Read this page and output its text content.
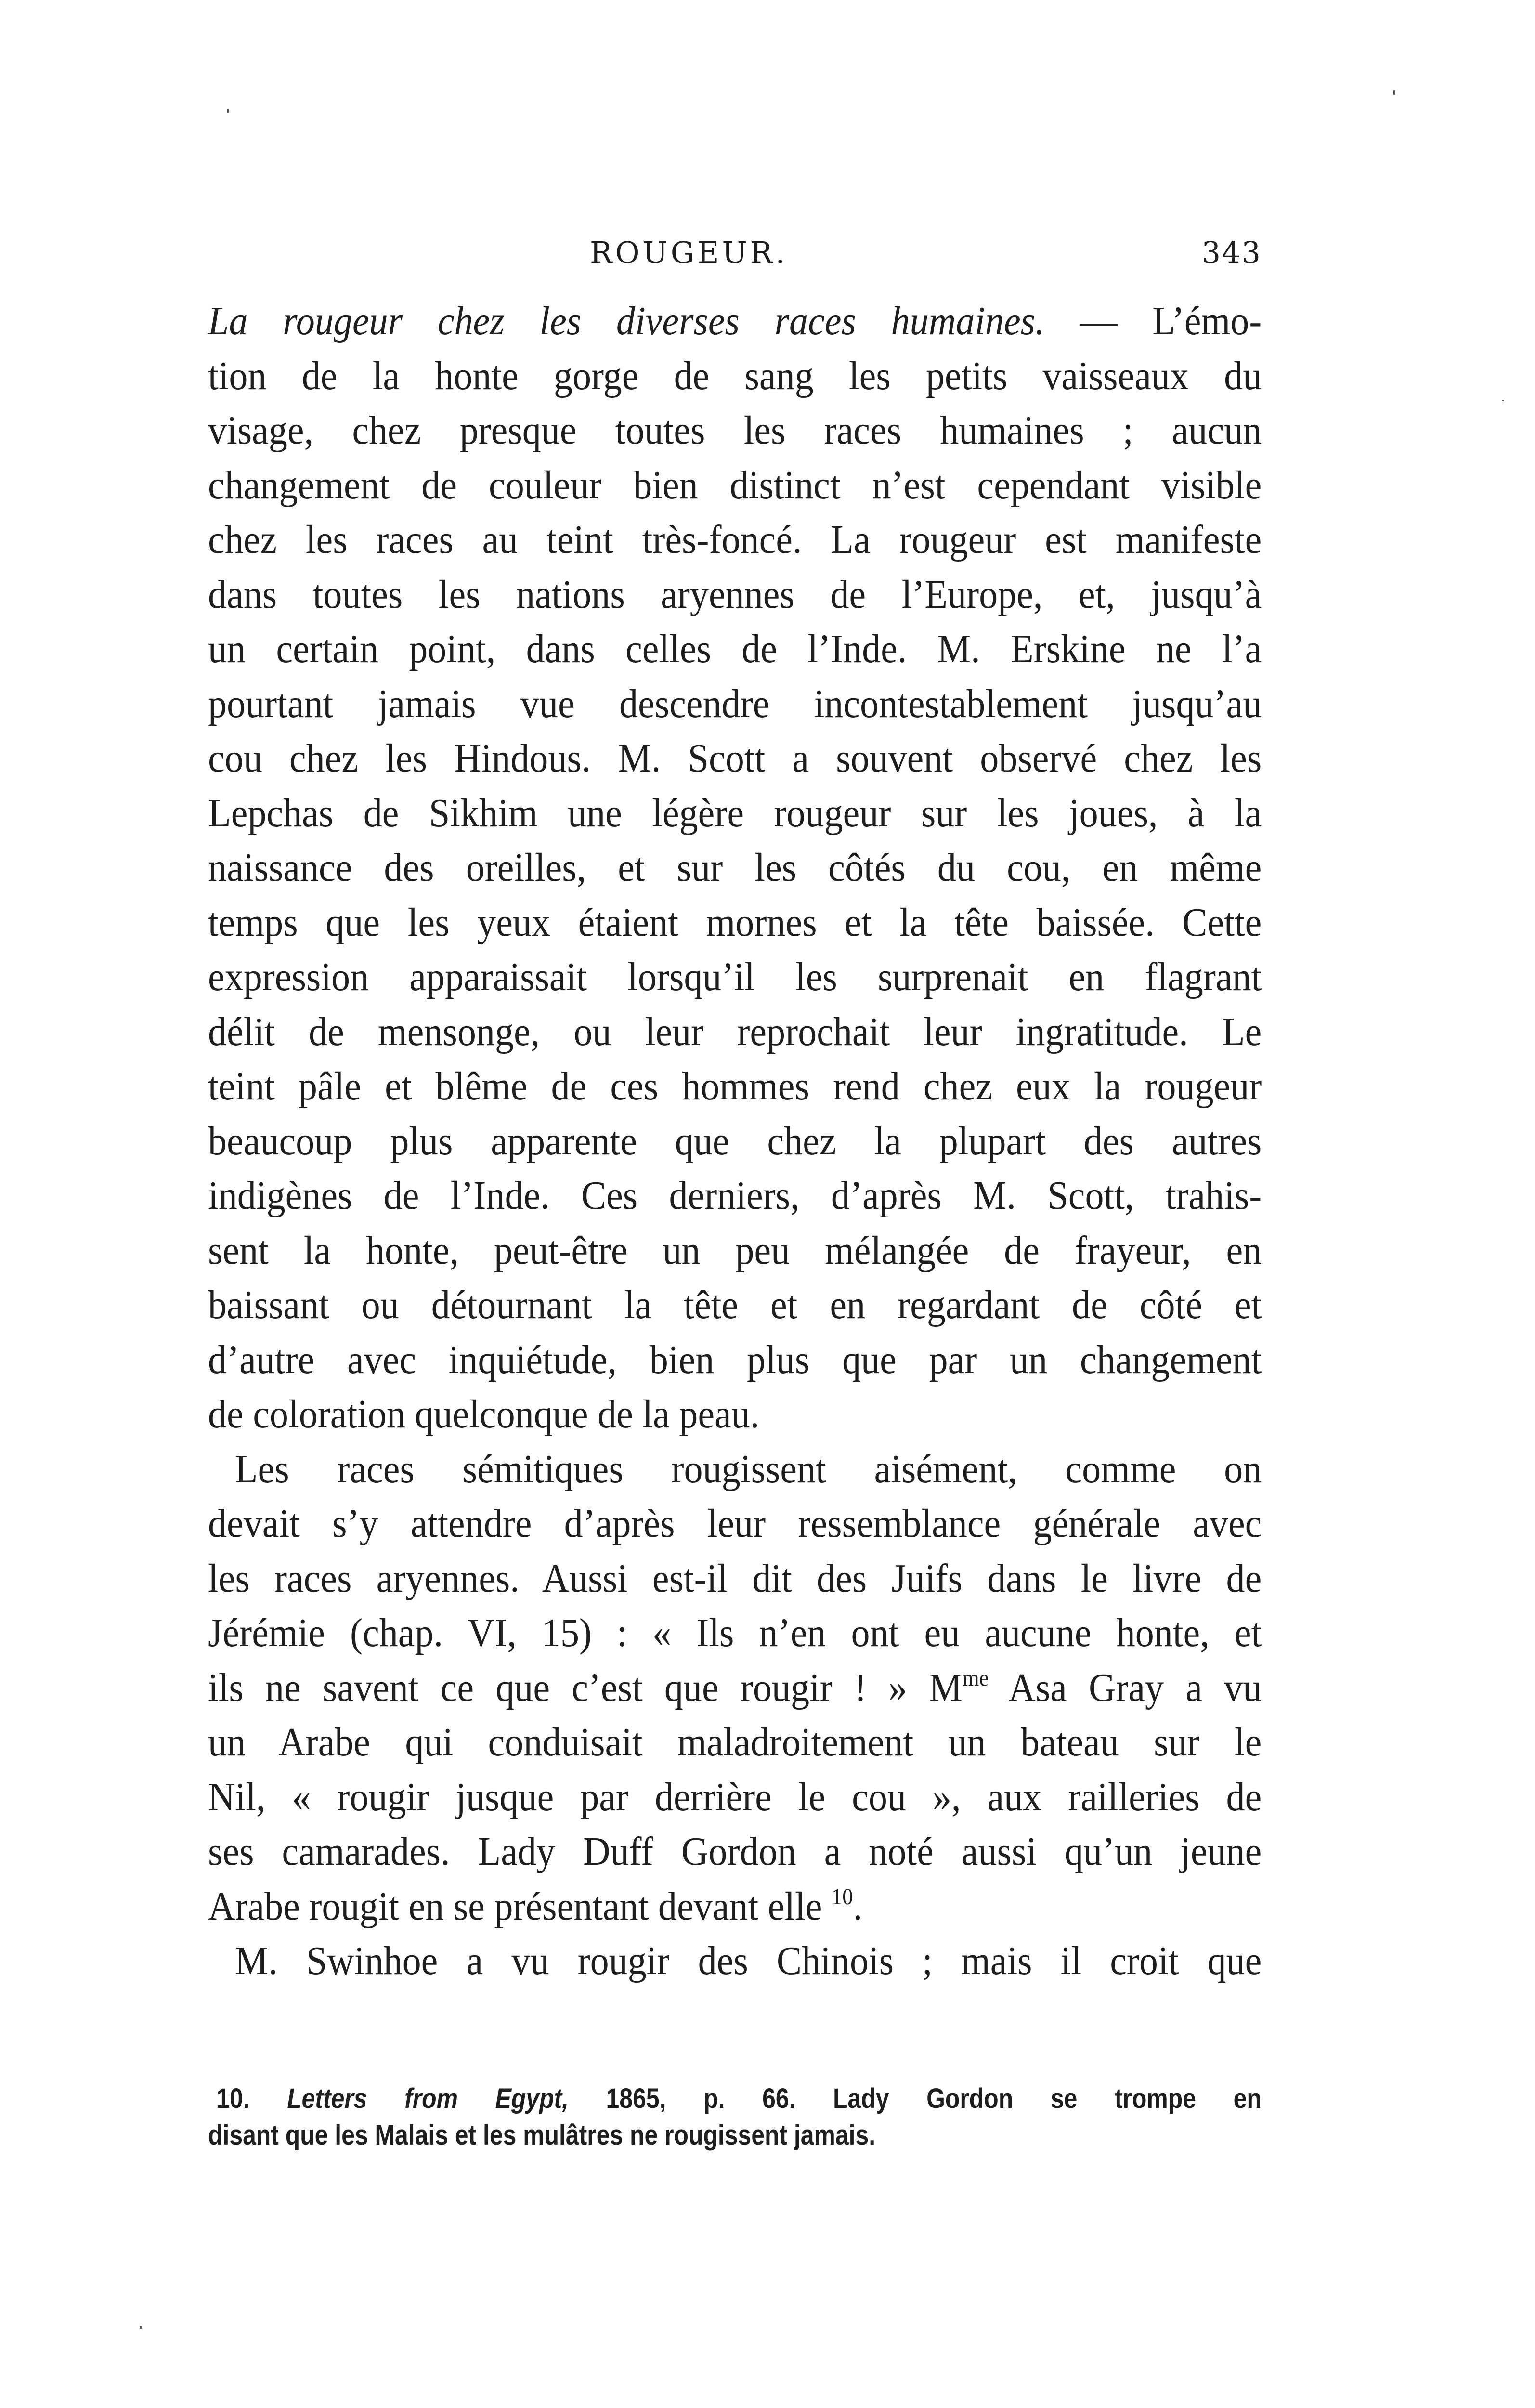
ROUGEUR.	343
La rougeur chez les diverses races humaines. — L’émo-
tion de la honte gorge de sang les petits vaisseaux du
visage, chez presque toutes les races humaines ; aucun
changement de couleur bien distinct n’est cependant visible
chez les races au teint très-foncé. La rougeur est manifeste
dans toutes les nations aryennes de l’Europe, et, jusqu’à
un certain point, dans celles de l’Inde. M. Erskine ne l’a
pourtant jamais vue descendre incontestablement jusqu’au
cou chez les Hindous. M. Scott a souvent observé chez les
Lepchas de Sikhim une légère rougeur sur les joues, à la
naissance des oreilles, et sur les côtés du cou, en même
temps que les yeux étaient mornes et la tête baissée. Cette
expression apparaissait lorsqu’il les surprenait en flagrant
délit de mensonge, ou leur reprochait leur ingratitude. Le
teint pâle et blême de ces hommes rend chez eux la rougeur
beaucoup plus apparente que chez la plupart des autres
indigènes de l’Inde. Ces derniers, d’après M. Scott, trahis-
sent la honte, peut-être un peu mélangée de frayeur, en
baissant ou détournant la tête et en regardant de côté et
d’autre avec inquiétude, bien plus que par un changement
de coloration quelconque de la peau.
Les races sémitiques rougissent aisément, comme on
devait s’y attendre d’après leur ressemblance générale avec
les races aryennes. Aussi est-il dit des Juifs dans le livre de
Jérémie (chap. VI, 15) : « Ils n’en ont eu aucune honte, et
ils ne savent ce que c’est que rougir ! » $M^{me}$ Asa Gray a vu
un Arabe qui conduisait maladroitement un bateau sur le
Nil, « rougir jusque par derrière le cou », aux railleries de
ses camarades. Lady Duff Gordon a noté aussi qu’un jeune
Arabe rougit en se présentant devant elle $^{10}$.
M. Swinhoe a vu rougir des Chinois ; mais il croit que
10. Letters from Egypt, 1865, p. 66. Lady Gordon se trompe en
disant que les Malais et les mulâtres ne rougissent jamais.
